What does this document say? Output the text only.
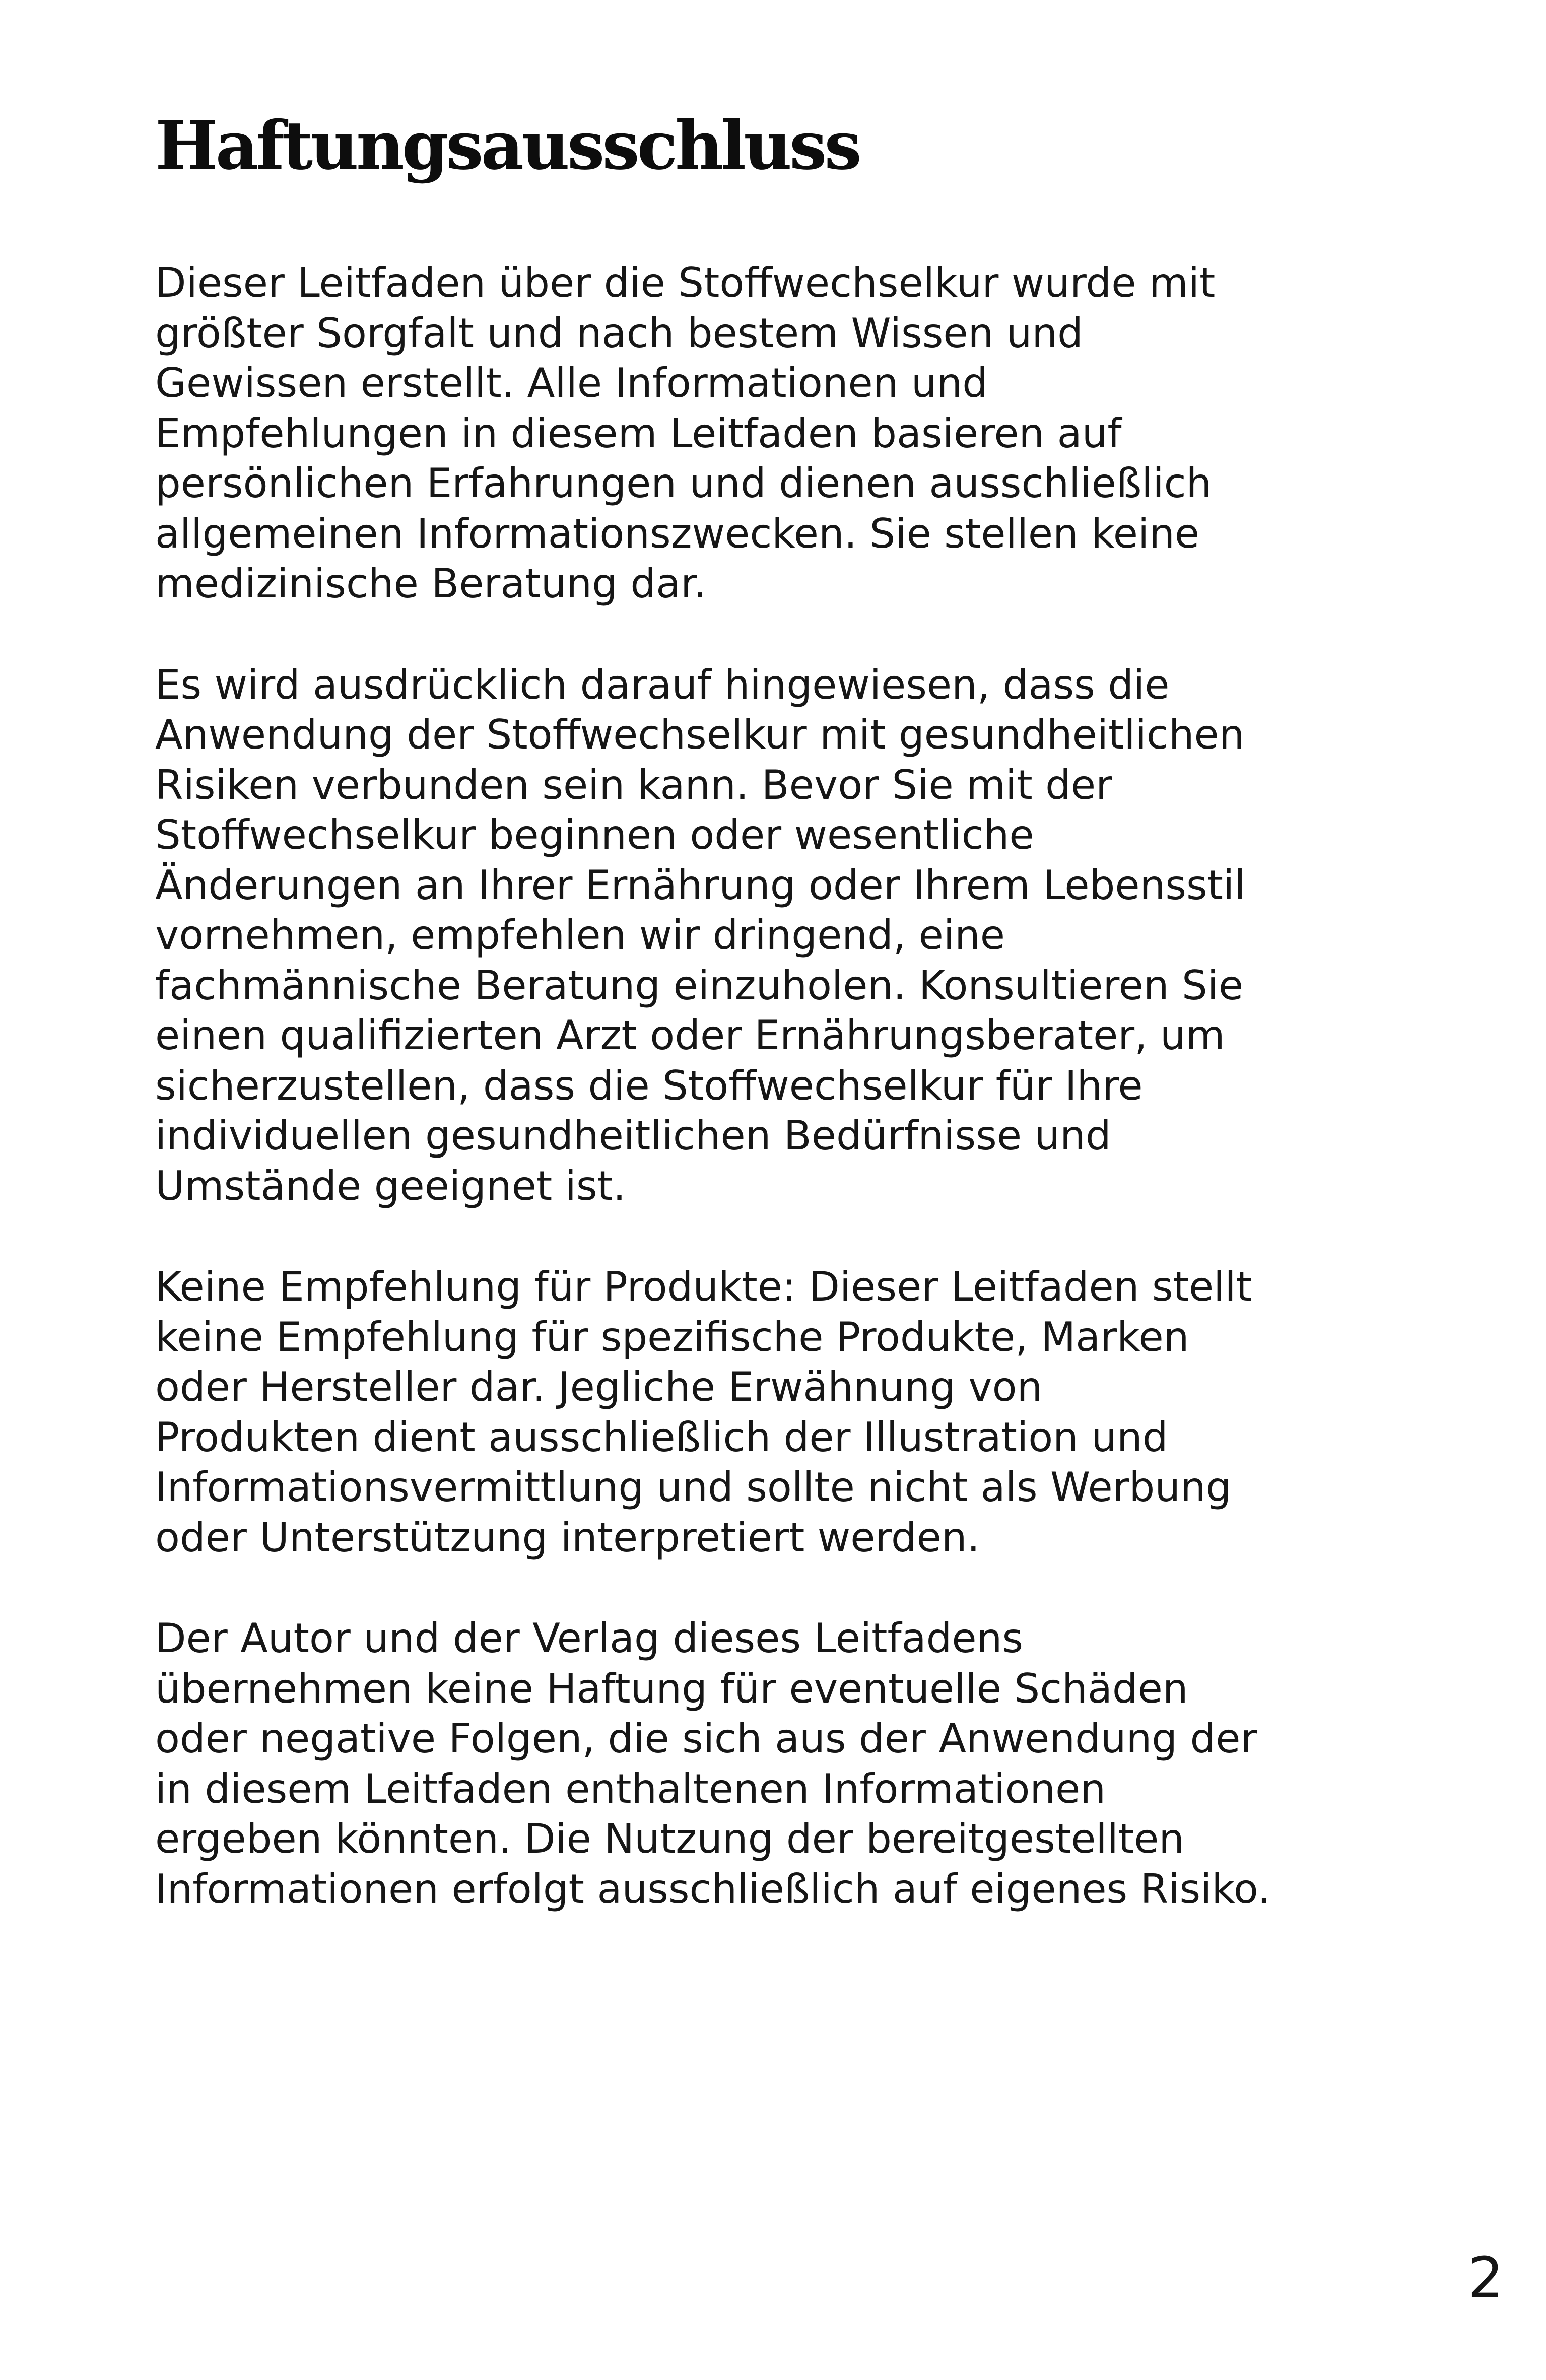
Haftungsausschluss

Dieser Leitfaden über die Stoffwechselkur wurde mit
größter Sorgfalt und nach bestem Wissen und
Gewissen erstellt. Alle Informationen und
Empfehlungen in diesem Leitfaden basieren auf
persönlichen Erfahrungen und dienen ausschließlich
allgemeinen Informationszwecken. Sie stellen keine
medizinische Beratung dar.

Es wird ausdrücklich darauf hingewiesen, dass die
Anwendung der Stoffwechselkur mit gesundheitlichen
Risiken verbunden sein kann. Bevor Sie mit der
Stoffwechselkur beginnen oder wesentliche
Änderungen an Ihrer Ernährung oder Ihrem Lebensstil
vornehmen, empfehlen wir dringend, eine
fachmännische Beratung einzuholen. Konsultieren Sie
einen qualifizierten Arzt oder Ernährungsberater, um
sicherzustellen, dass die Stoffwechselkur für Ihre
individuellen gesundheitlichen Bedürfnisse und
Umstände geeignet ist.

Keine Empfehlung für Produkte: Dieser Leitfaden stellt
keine Empfehlung für spezifische Produkte, Marken
oder Hersteller dar. Jegliche Erwähnung von
Produkten dient ausschließlich der Illustration und
Informationsvermittlung und sollte nicht als Werbung
oder Unterstützung interpretiert werden.

Der Autor und der Verlag dieses Leitfadens
übernehmen keine Haftung für eventuelle Schäden
oder negative Folgen, die sich aus der Anwendung der
in diesem Leitfaden enthaltenen Informationen
ergeben könnten. Die Nutzung der bereitgestellten
Informationen erfolgt ausschließlich auf eigenes Risiko.

2
